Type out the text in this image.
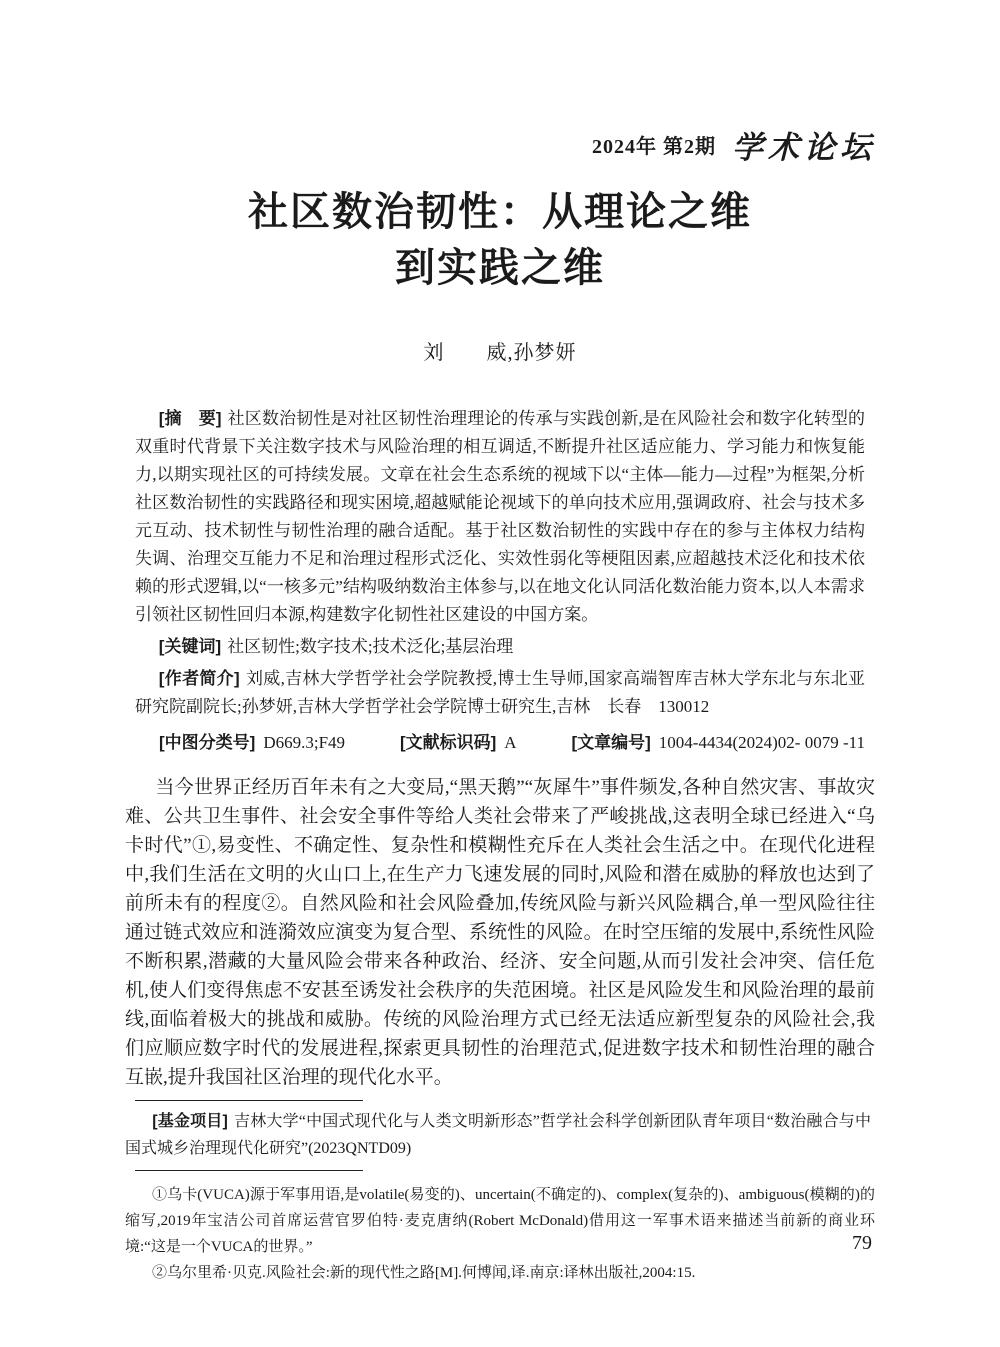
2024年 第2期 学术论坛
社区数治韧性：从理论之维
到实践之维
刘　　威,孙梦妍

[摘　要] 社区数治韧性是对社区韧性治理理论的传承与实践创新,是在风险社会和数字化转型的双重时代背景下关注数字技术与风险治理的相互调适,不断提升社区适应能力、学习能力和恢复能力,以期实现社区的可持续发展。文章在社会生态系统的视域下以“主体—能力—过程”为框架,分析社区数治韧性的实践路径和现实困境,超越赋能论视域下的单向技术应用,强调政府、社会与技术多元互动、技术韧性与韧性治理的融合适配。基于社区数治韧性的实践中存在的参与主体权力结构失调、治理交互能力不足和治理过程形式泛化、实效性弱化等梗阻因素,应超越技术泛化和技术依赖的形式逻辑,以“一核多元”结构吸纳数治主体参与,以在地文化认同活化数治能力资本,以人本需求引领社区韧性回归本源,构建数字化韧性社区建设的中国方案。

[关键词] 社区韧性;数字技术;技术泛化;基层治理

[作者简介] 刘威,吉林大学哲学社会学院教授,博士生导师,国家高端智库吉林大学东北与东北亚研究院副院长;孙梦妍,吉林大学哲学社会学院博士研究生,吉林　长春　130012

[中图分类号] D669.3;F49	[文献标识码] A	[文章编号] 1004-4434(2024)02- 0079 -11

当今世界正经历百年未有之大变局,“黑天鹅”“灰犀牛”事件频发,各种自然灾害、事故灾难、公共卫生事件、社会安全事件等给人类社会带来了严峻挑战,这表明全球已经进入“乌卡时代”①,易变性、不确定性、复杂性和模糊性充斥在人类社会生活之中。在现代化进程中,我们生活在文明的火山口上,在生产力飞速发展的同时,风险和潜在威胁的释放也达到了前所未有的程度②。自然风险和社会风险叠加,传统风险与新兴风险耦合,单一型风险往往通过链式效应和涟漪效应演变为复合型、系统性的风险。在时空压缩的发展中,系统性风险不断积累,潜藏的大量风险会带来各种政治、经济、安全问题,从而引发社会冲突、信任危机,使人们变得焦虑不安甚至诱发社会秩序的失范困境。社区是风险发生和风险治理的最前线,面临着极大的挑战和威胁。传统的风险治理方式已经无法适应新型复杂的风险社会,我们应顺应数字时代的发展进程,探索更具韧性的治理范式,促进数字技术和韧性治理的融合互嵌,提升我国社区治理的现代化水平。

[基金项目] 吉林大学“中国式现代化与人类文明新形态”哲学社会科学创新团队青年项目“数治融合与中国式城乡治理现代化研究”(2023QNTD09)

①乌卡(VUCA)源于军事用语,是volatile(易变的)、uncertain(不确定的)、complex(复杂的)、ambiguous(模糊的)的缩写,2019年宝洁公司首席运营官罗伯特·麦克唐纳(Robert McDonald)借用这一军事术语来描述当前新的商业环境:“这是一个VUCA的世界。”

②乌尔里希·贝克.风险社会:新的现代性之路[M].何博闻,译.南京:译林出版社,2004:15.

79
